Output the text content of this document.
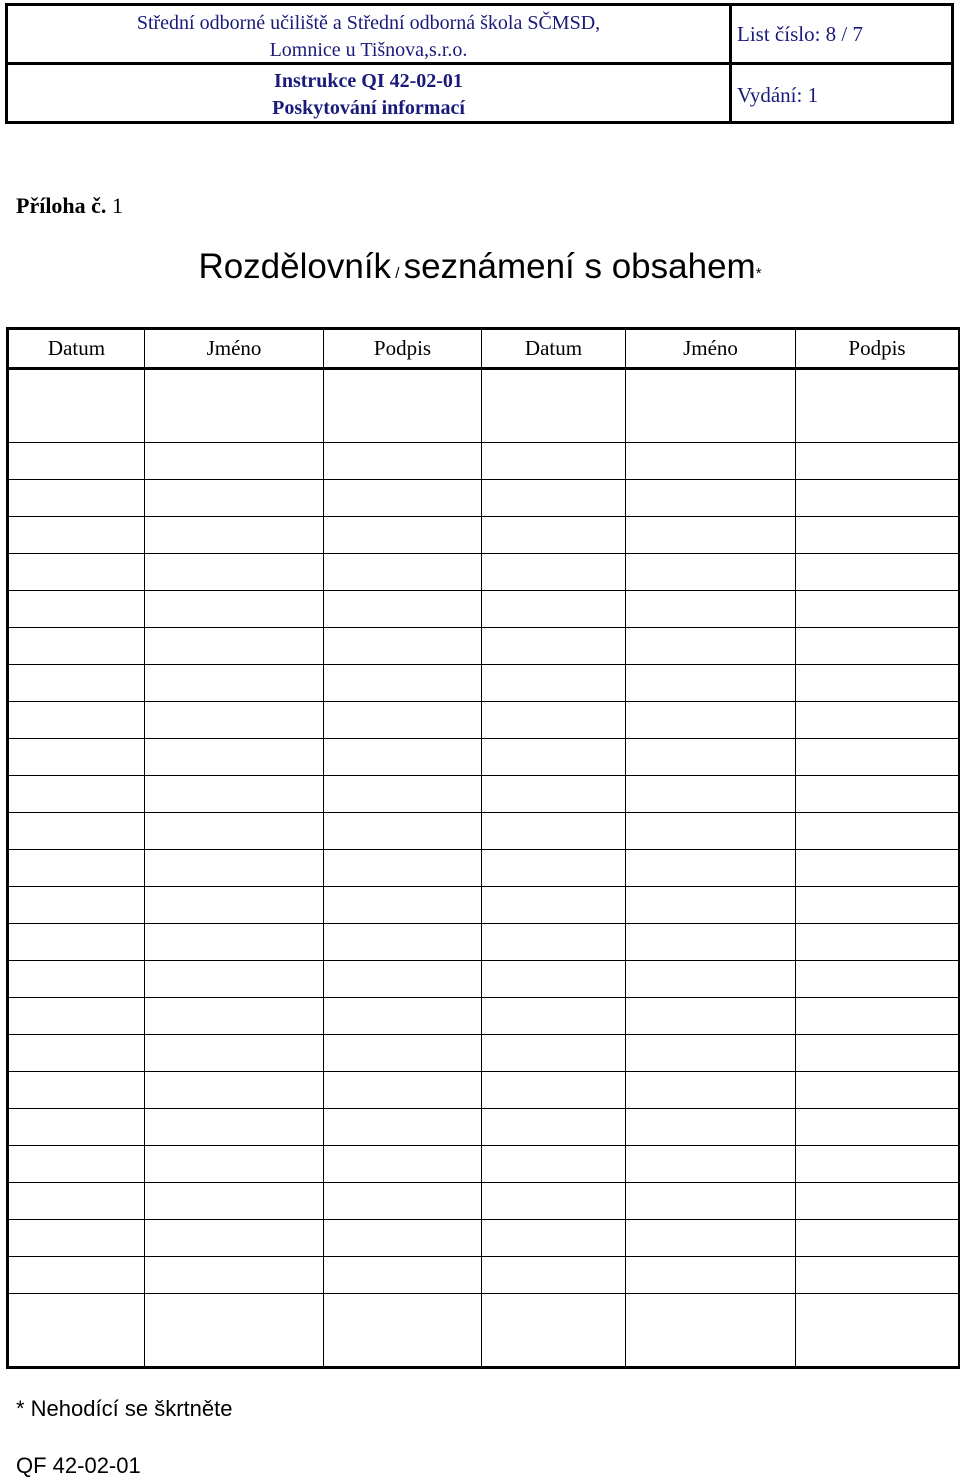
Střední odborné učiliště a Střední odborná škola SČMSD,
Lomnice u Tišnova,s.r.o.
Instrukce QI 42-02-01
Poskytování informací
List číslo: 8 / 7
Vydání: 1
Příloha č. 1
Rozdělovník / seznámení s obsahem*
Datum	Jméno	Podpis	Datum	Jméno	Podpis

* Nehodící se škrtněte
QF 42-02-01
